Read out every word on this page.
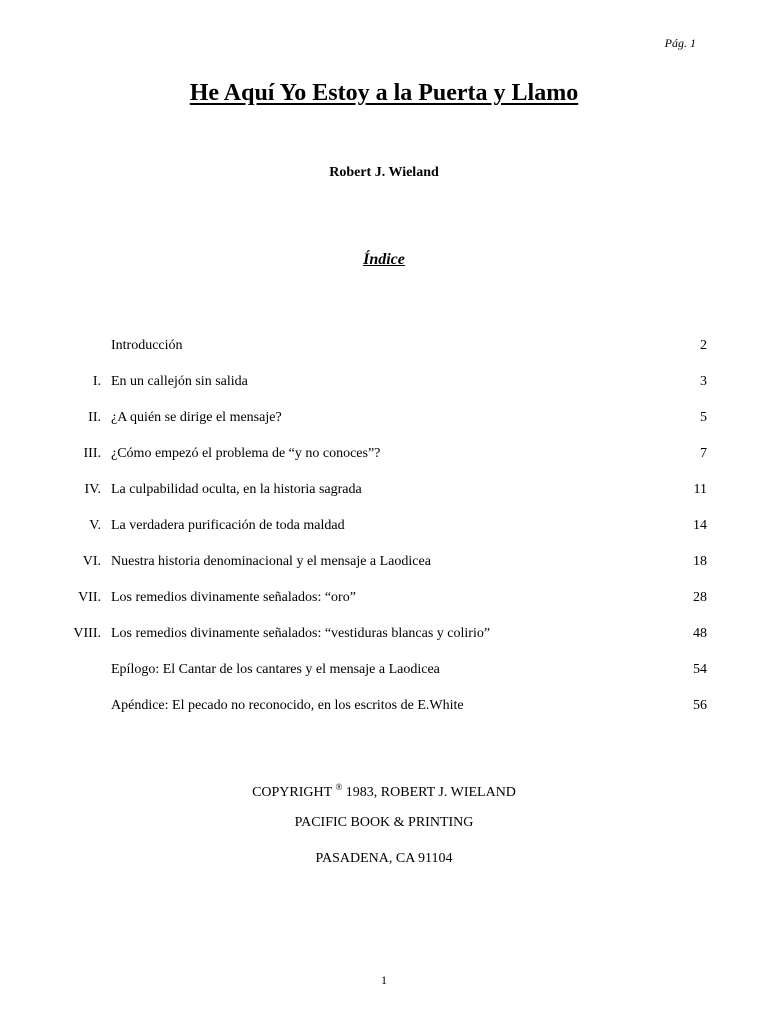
Pág. 1
He Aquí Yo Estoy a la Puerta y Llamo
Robert J. Wieland
Índice
Introducción	2
I. En un callejón sin salida	3
II. ¿A quién se dirige el mensaje?	5
III. ¿Cómo empezó el problema de “y no conoces”?	7
IV. La culpabilidad oculta, en la historia sagrada	11
V. La verdadera purificación de toda maldad	14
VI. Nuestra historia denominacional y el mensaje a Laodicea	18
VII. Los remedios divinamente señalados: “oro”	28
VIII. Los remedios divinamente señalados: “vestiduras blancas y colirio”	48
Epílogo: El Cantar de los cantares y el mensaje a Laodicea	54
Apéndice: El pecado no reconocido, en los escritos de E.White	56
COPYRIGHT ® 1983, ROBERT J. WIELAND
PACIFIC BOOK & PRINTING
PASADENA, CA 91104
1
